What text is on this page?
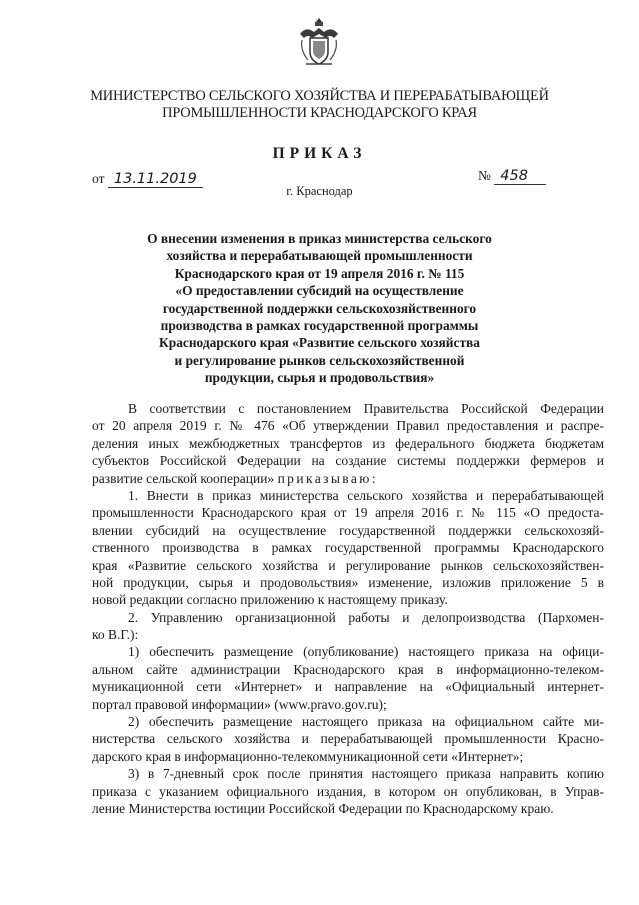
МИНИСТЕРСТВО СЕЛЬСКОГО ХОЗЯЙСТВА И ПЕРЕРАБАТЫВАЮЩЕЙ
ПРОМЫШЛЕННОСТИ КРАСНОДАРСКОГО КРАЯ
ПРИКАЗ
от 13.11.2019	№ 458
г. Краснодар
О внесении изменения в приказ министерства сельского
хозяйства и перерабатывающей промышленности
Краснодарского края от 19 апреля 2016 г. № 115
«О предоставлении субсидий на осуществление
государственной поддержки сельскохозяйственного
производства в рамках государственной программы
Краснодарского края «Развитие сельского хозяйства
и регулирование рынков сельскохозяйственной
продукции, сырья и продовольствия»
В соответствии с постановлением Правительства Российской Федерации
от 20 апреля 2019 г. № 476 «Об утверждении Правил предоставления и распре-
деления иных межбюджетных трансфертов из федерального бюджета бюджетам
субъектов Российской Федерации на создание системы поддержки фермеров и
развитие сельской кооперации» приказываю:
1. Внести в приказ министерства сельского хозяйства и перерабатывающей
промышленности Краснодарского края от 19 апреля 2016 г. № 115 «О предоста-
влении субсидий на осуществление государственной поддержки сельскохозяй-
ственного производства в рамках государственной программы Краснодарского
края «Развитие сельского хозяйства и регулирование рынков сельскохозяйствен-
ной продукции, сырья и продовольствия» изменение, изложив приложение 5 в
новой редакции согласно приложению к настоящему приказу.
2. Управлению организационной работы и делопроизводства (Пархомен-
ко В.Г.):
1) обеспечить размещение (опубликование) настоящего приказа на офици-
альном сайте администрации Краснодарского края в информационно-телеком-
муникационной сети «Интернет» и направление на «Официальный интернет-
портал правовой информации» (www.pravo.gov.ru);
2) обеспечить размещение настоящего приказа на официальном сайте ми-
нистерства сельского хозяйства и перерабатывающей промышленности Красно-
дарского края в информационно-телекоммуникационной сети «Интернет»;
3) в 7-дневный срок после принятия настоящего приказа направить копию
приказа с указанием официального издания, в котором он опубликован, в Управ-
ление Министерства юстиции Российской Федерации по Краснодарскому краю.
